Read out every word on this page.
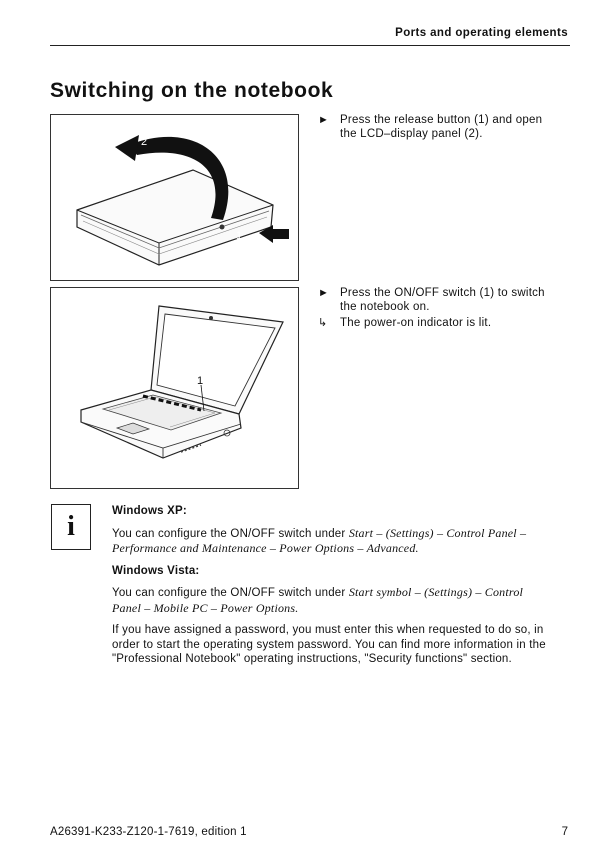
Ports and operating elements
Switching on the notebook
1
2
1
► Press the release button (1) and open the LCD–display panel (2).
► Press the ON/OFF switch (1) to switch the notebook on.
↳	The power-on indicator is lit.
i	Windows XP:

You can configure the ON/OFF switch under Start – (Settings) – Control Panel – Performance and Maintenance – Power Options – Advanced.

Windows Vista:

You can configure the ON/OFF switch under Start symbol – (Settings) – Control Panel – Mobile PC – Power Options.

If you have assigned a password, you must enter this when requested to do so, in order to start the operating system password. You can find more information in the "Professional Notebook" operating instructions, "Security functions" section.

A26391-K233-Z120-1-7619, edition 1	7
